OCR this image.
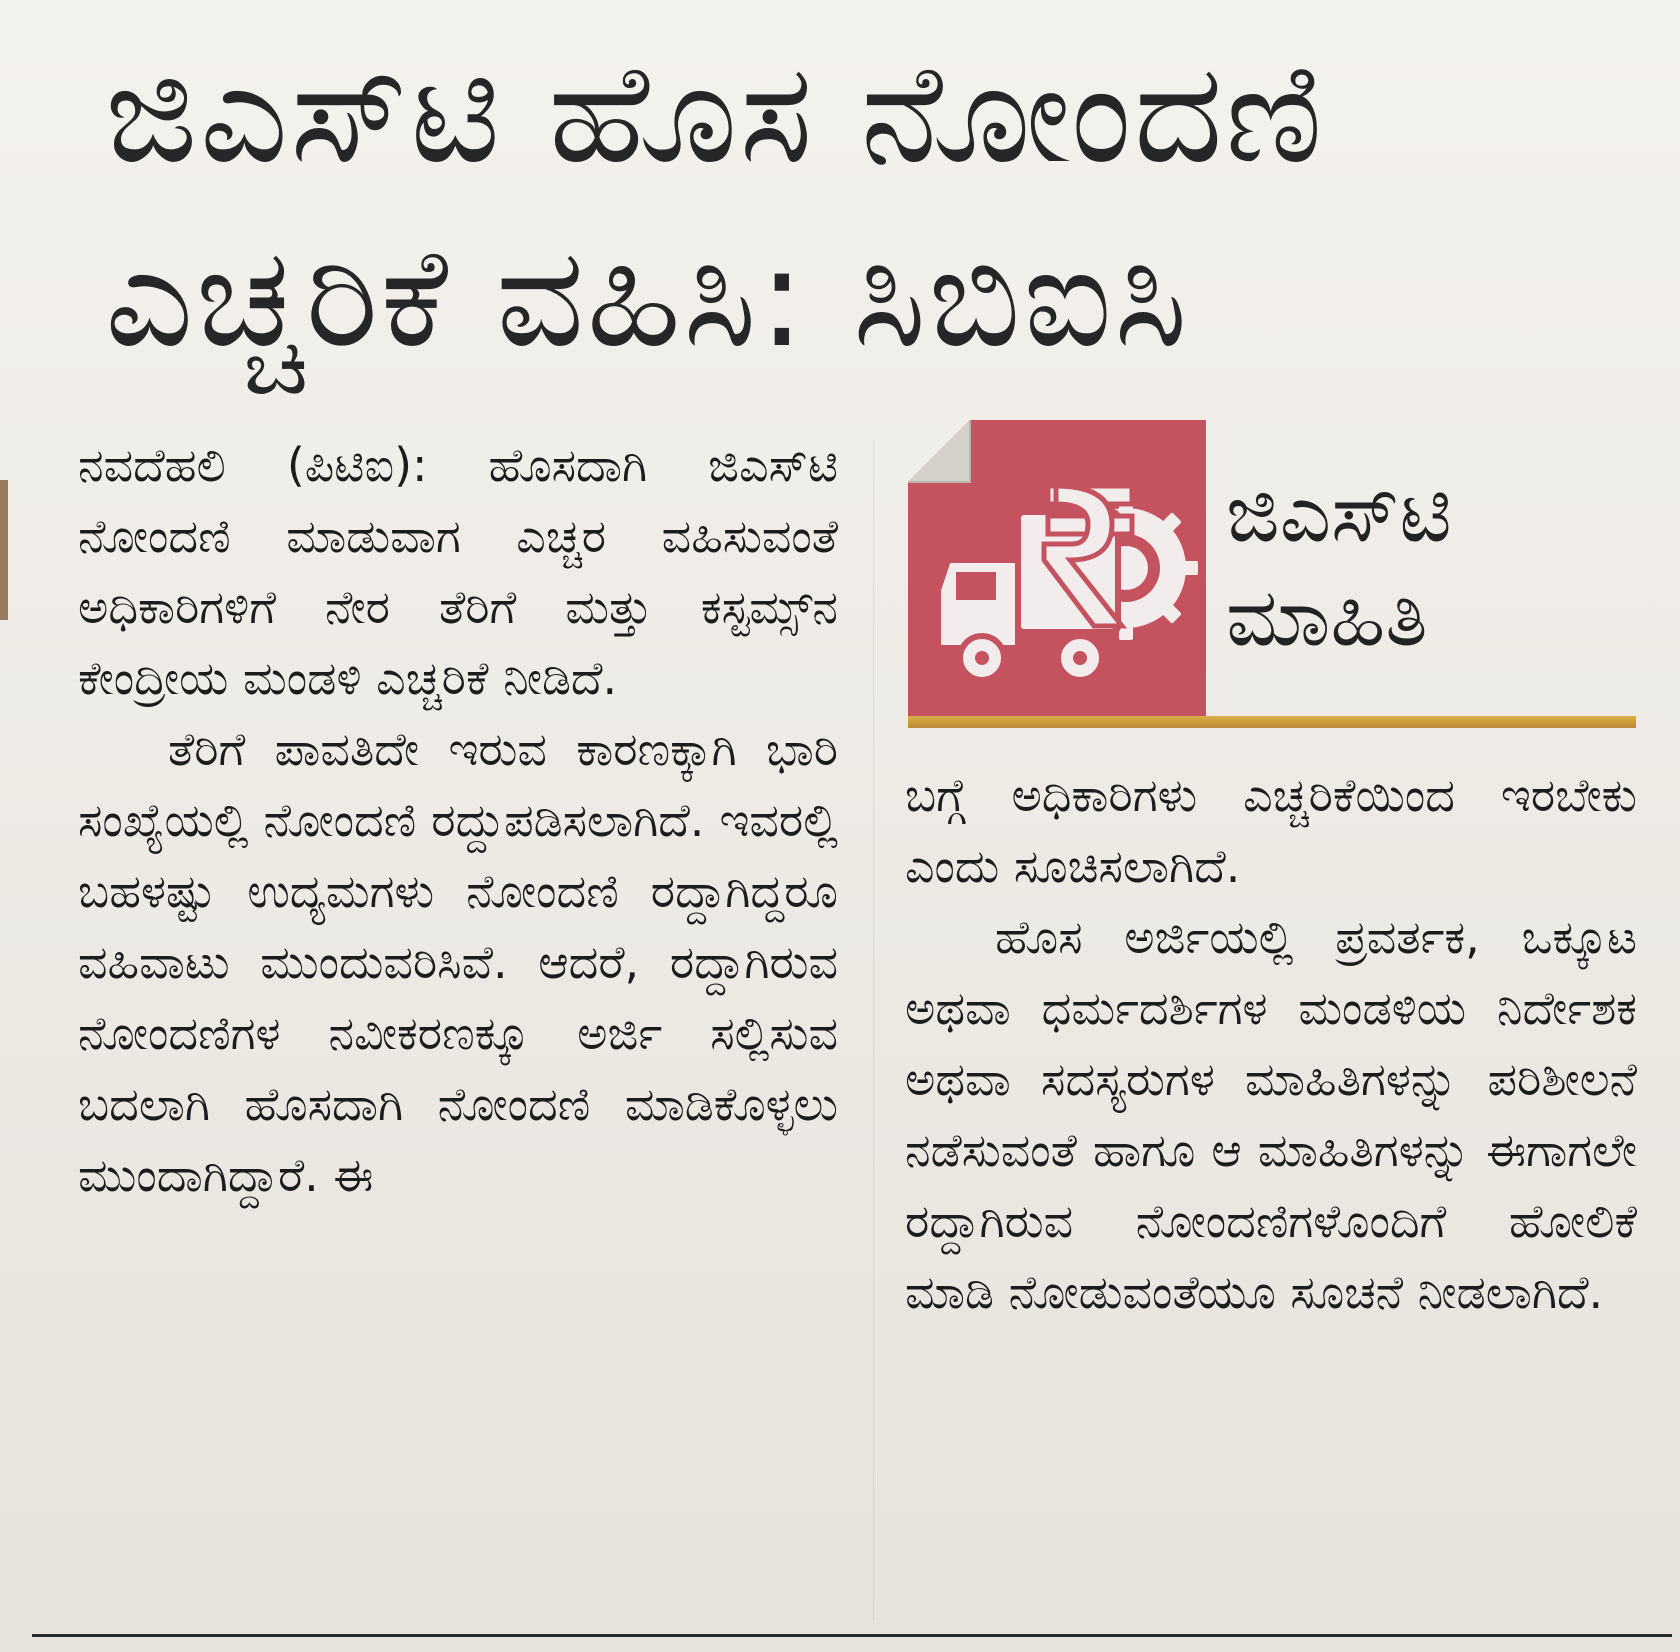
ಜಿಎಸ್‌ಟಿ ಹೊಸ ನೋಂದಣಿ
ಎಚ್ಚರಿಕೆ ವಹಿಸಿ: ಸಿಬಿಐಸಿ

ನವದೆಹಲಿ (ಪಿಟಿಐ): ಹೊಸದಾಗಿ ಜಿಎಸ್‌ಟಿ ನೋಂದಣಿ ಮಾಡುವಾಗ ಎಚ್ಚರ ವಹಿಸುವಂತೆ ಅಧಿಕಾರಿಗಳಿಗೆ ನೇರ ತೆರಿಗೆ ಮತ್ತು ಕಸ್ಟಮ್ಸ್‌ನ ಕೇಂದ್ರೀಯ ಮಂಡಳಿ ಎಚ್ಚರಿಕೆ ನೀಡಿದೆ.

ತೆರಿಗೆ ಪಾವತಿದೇ ಇರುವ ಕಾರಣಕ್ಕಾಗಿ ಭಾರಿ ಸಂಖ್ಯೆಯಲ್ಲಿ ನೋಂದಣಿ ರದ್ದುಪಡಿಸಲಾಗಿದೆ. ಇವರಲ್ಲಿ ಬಹಳಷ್ಟು ಉದ್ಯಮಗಳು ನೋಂದಣಿ ರದ್ದಾಗಿದ್ದರೂ ವಹಿವಾಟು ಮುಂದುವರಿಸಿವೆ. ಆದರೆ, ರದ್ದಾಗಿರುವ ನೋಂದಣಿಗಳ ನವೀಕರಣಕ್ಕೂ ಅರ್ಜಿ ಸಲ್ಲಿಸುವ ಬದಲಾಗಿ ಹೊಸದಾಗಿ ನೋಂದಣಿ ಮಾಡಿಕೊಳ್ಳಲು ಮುಂದಾಗಿದ್ದಾರೆ. ಈ

ಜಿಎಸ್‌ಟಿ
ಮಾಹಿತಿ

ಬಗ್ಗೆ ಅಧಿಕಾರಿಗಳು ಎಚ್ಚರಿಕೆಯಿಂದ ಇರಬೇಕು ಎಂದು ಸೂಚಿಸಲಾಗಿದೆ.

ಹೊಸ ಅರ್ಜಿಯಲ್ಲಿ ಪ್ರವರ್ತಕ, ಒಕ್ಕೂಟ ಅಥವಾ ಧರ್ಮದರ್ಶಿಗಳ ಮಂಡಳಿಯ ನಿರ್ದೇಶಕ ಅಥವಾ ಸದಸ್ಯರುಗಳ ಮಾಹಿತಿಗಳನ್ನು ಪರಿಶೀಲನೆ ನಡೆಸುವಂತೆ ಹಾಗೂ ಆ ಮಾಹಿತಿಗಳನ್ನು ಈಗಾಗಲೇ ರದ್ದಾಗಿರುವ ನೋಂದಣಿಗಳೊಂದಿಗೆ ಹೋಲಿಕೆ ಮಾಡಿ ನೋಡುವಂತೆಯೂ ಸೂಚನೆ ನೀಡಲಾಗಿದೆ.
